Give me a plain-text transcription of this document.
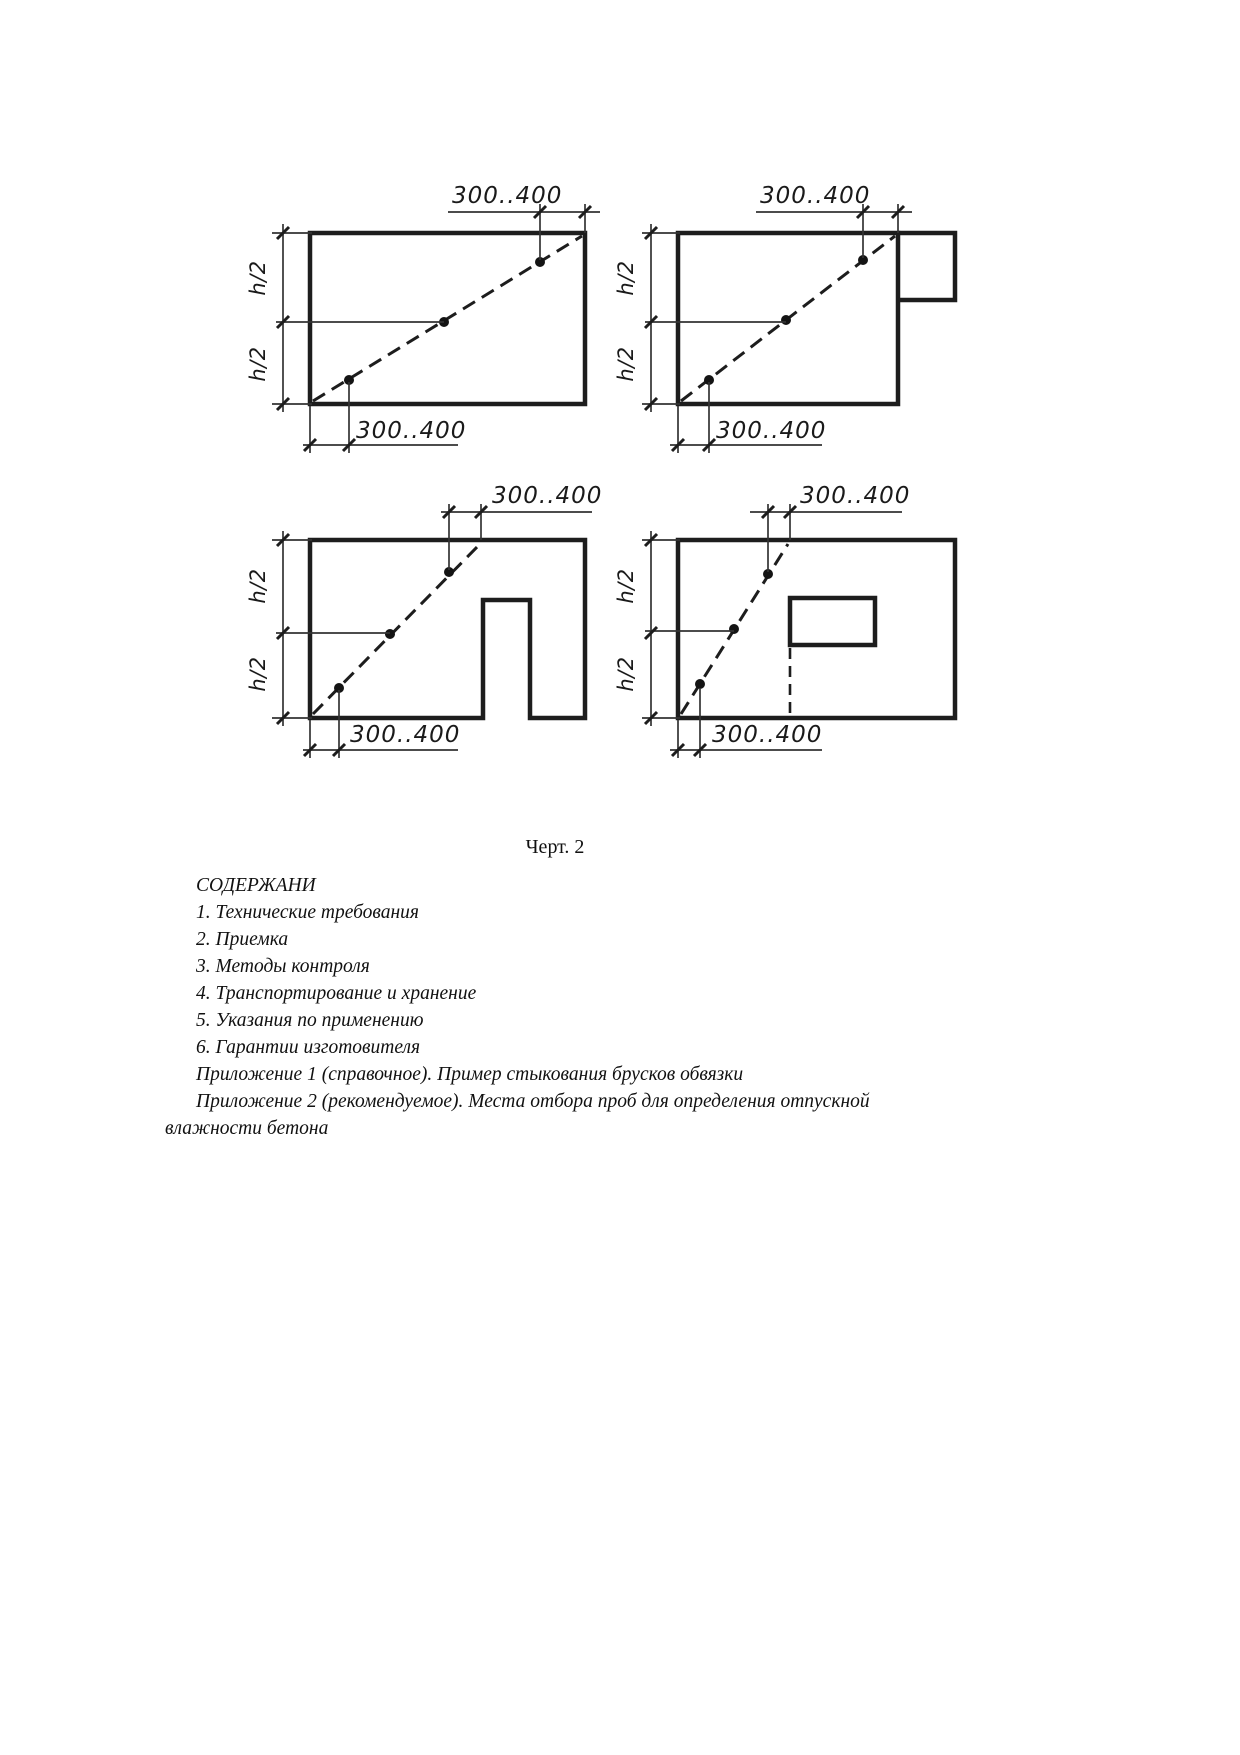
300..400
300..400
300..400
300..400
300..400
300..400
300..400
300..400
h/2
h/2
h/2
h/2
h/2
h/2
h/2
h/2
Черт. 2

СОДЕРЖАНИ

1. Технические требования

2. Приемка

3. Методы контроля

4. Транспортирование и хранение

5. Указания по применению

6. Гарантии изготовителя

Приложение 1 (справочное). Пример стыкования брусков обвязки

Приложение 2 (рекомендуемое). Места отбора проб для определения отпускной влажности бетона
